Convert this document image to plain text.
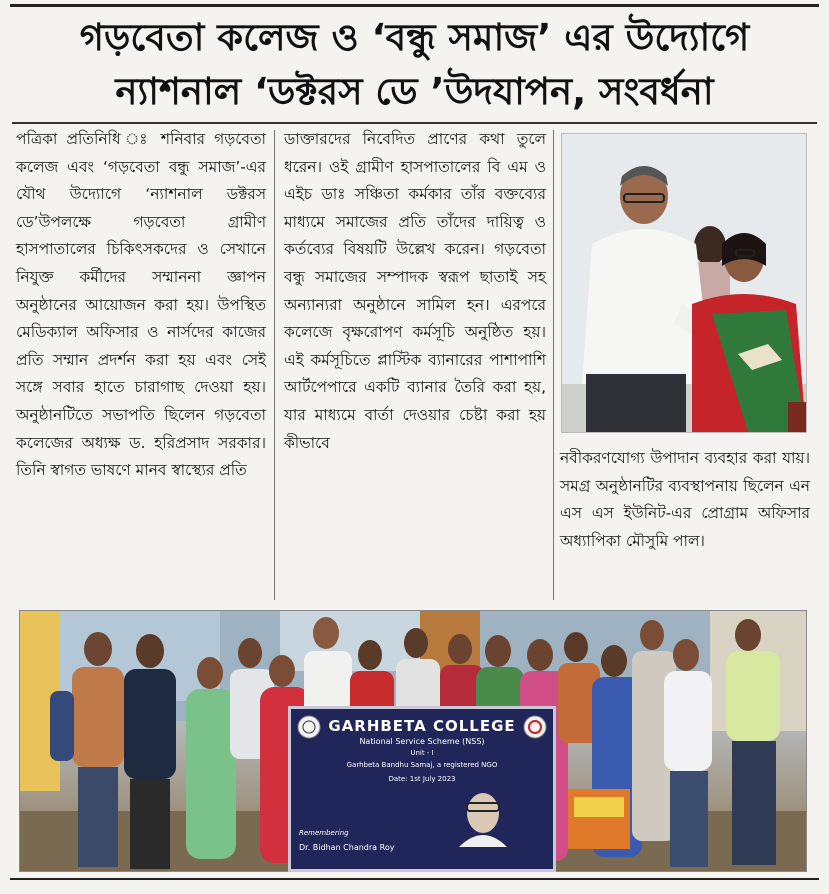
গড়বেতা কলেজ ও ‘বন্ধু সমাজ’ এর উদ্যোগে
ন্যাশনাল ‘ডক্টরস ডে ’উদযাপন, সংবর্ধনা

পত্রিকা প্রতিনিধি ঃ শনিবার গড়বেতা কলেজ এবং ‘গড়বেতা বন্ধু সমাজ’-এর যৌথ উদ্যোগে ‘ন্যাশনাল ডক্টরস ডে’উপলক্ষে গড়বেতা গ্রামীণ হাসপাতালের চিকিৎসকদের ও সেখানে নিযুক্ত কর্মীদের সম্মাননা জ্ঞাপন অনুষ্ঠানের আয়োজন করা হয়। উপস্থিত মেডিক্যাল অফিসার ও নার্সদের কাজের প্রতি সম্মান প্রদর্শন করা হয় এবং সেই সঙ্গে সবার হাতে চারাগাছ দেওয়া হয়। অনুষ্ঠানটিতে সভাপতি ছিলেন গড়বেতা কলেজের অধ্যক্ষ ড. হরিপ্রসাদ সরকার। তিনি স্বাগত ভাষণে মানব স্বাস্থ্যের প্রতি

ডাক্তারদের নিবেদিত প্রাণের কথা তুলে ধরেন। ওই গ্রামীণ হাসপাতালের বি এম ও এইচ ডাঃ সঞ্চিতা কর্মকার তাঁর বক্তব্যের মাধ্যমে সমাজের প্রতি তাঁদের দায়িত্ব ও কর্তব্যের বিষয়টি উল্লেখ করেন। গড়বেতা বন্ধু সমাজের সম্পাদক স্বরূপ ছাতাই সহ অন্যান্যরা অনুষ্ঠানে সামিল হন। এরপরে কলেজে বৃক্ষরোপণ কর্মসূচি অনুষ্ঠিত হয়। এই কর্মসূচিতে প্লাস্টিক ব্যানারের পাশাপাশি আর্টপেপারে একটি ব্যানার তৈরি করা হয়, যার মাধ্যমে বার্তা দেওয়ার চেষ্টা করা হয় কীভাবে

নবীকরণযোগ্য উপাদান ব্যবহার করা যায়। সমগ্র অনুষ্ঠানটির ব্যবস্থাপনায় ছিলেন এন এস এস ইউনিট-এর প্রোগ্রাম অফিসার অধ্যাপিকা মৌসুমি পাল।

GARHBETA COLLEGE
National Service Scheme (NSS)
Unit - I
Garhbeta Bandhu Samaj, a registered NGO
Date: 1st July 2023
Remembering
Dr. Bidhan Chandra Roy
